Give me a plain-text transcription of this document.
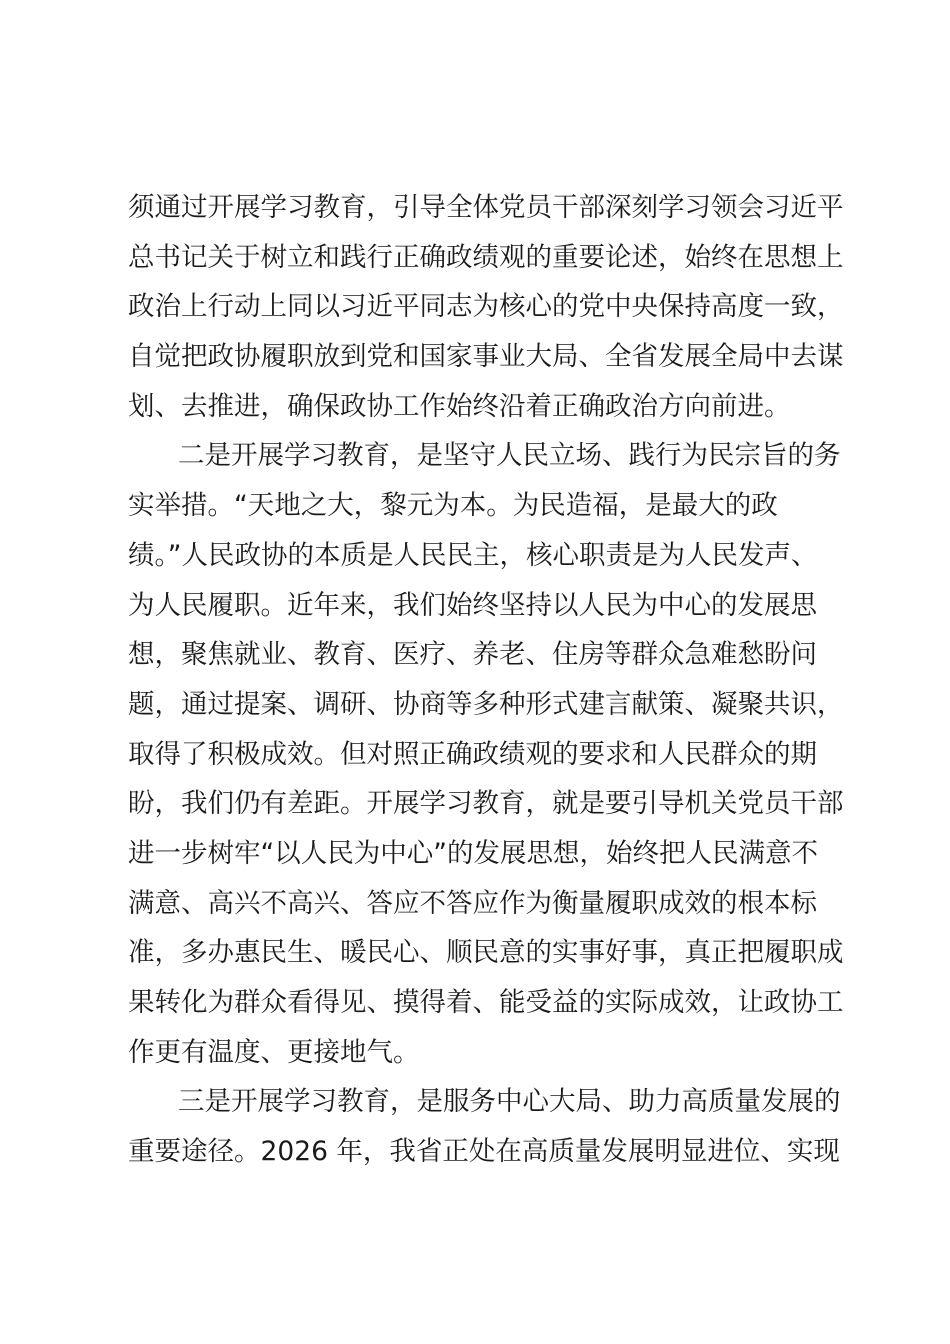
须通过开展学习教育，引导全体党员干部深刻学习领会习近平
总书记关于树立和践行正确政绩观的重要论述，始终在思想上
政治上行动上同以习近平同志为核心的党中央保持高度一致，
自觉把政协履职放到党和国家事业大局、全省发展全局中去谋
划、去推进，确保政协工作始终沿着正确政治方向前进。
二是开展学习教育，是坚守人民立场、践行为民宗旨的务
实举措。“天地之大，黎元为本。为民造福，是最大的政
绩。”人民政协的本质是人民民主，核心职责是为人民发声、
为人民履职。近年来，我们始终坚持以人民为中心的发展思
想，聚焦就业、教育、医疗、养老、住房等群众急难愁盼问
题，通过提案、调研、协商等多种形式建言献策、凝聚共识，
取得了积极成效。但对照正确政绩观的要求和人民群众的期
盼，我们仍有差距。开展学习教育，就是要引导机关党员干部
进一步树牢“以人民为中心”的发展思想，始终把人民满意不
满意、高兴不高兴、答应不答应作为衡量履职成效的根本标
准，多办惠民生、暖民心、顺民意的实事好事，真正把履职成
果转化为群众看得见、摸得着、能受益的实际成效，让政协工
作更有温度、更接地气。
三是开展学习教育，是服务中心大局、助力高质量发展的
重要途径。2026 年，我省正处在高质量发展明显进位、实现
